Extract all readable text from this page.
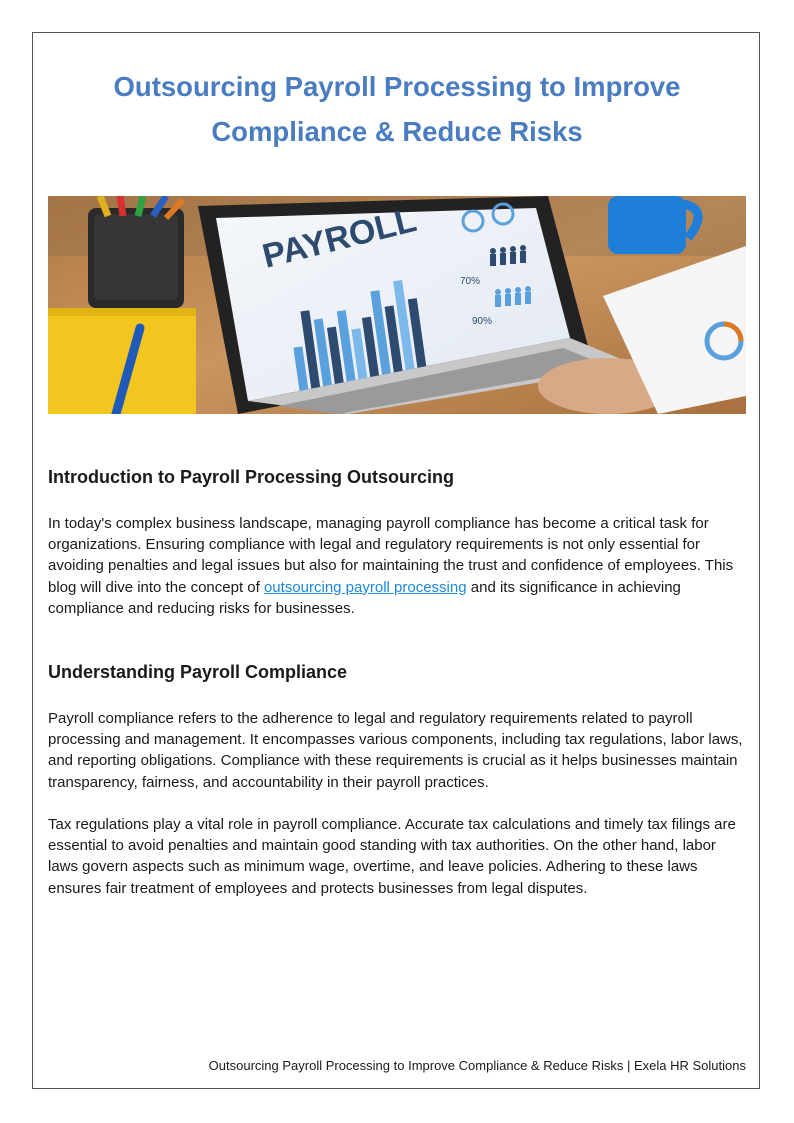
Outsourcing Payroll Processing to Improve
Compliance & Reduce Risks
PAYROLL
70%
90%
Introduction to Payroll Processing Outsourcing

In today's complex business landscape, managing payroll compliance has become a critical task for organizations. Ensuring compliance with legal and regulatory requirements is not only essential for avoiding penalties and legal issues but also for maintaining the trust and confidence of employees. This blog will dive into the concept of outsourcing payroll processing and its significance in achieving compliance and reducing risks for businesses.

Understanding Payroll Compliance

Payroll compliance refers to the adherence to legal and regulatory requirements related to payroll processing and management. It encompasses various components, including tax regulations, labor laws, and reporting obligations. Compliance with these requirements is crucial as it helps businesses maintain transparency, fairness, and accountability in their payroll practices.

Tax regulations play a vital role in payroll compliance. Accurate tax calculations and timely tax filings are essential to avoid penalties and maintain good standing with tax authorities. On the other hand, labor laws govern aspects such as minimum wage, overtime, and leave policies. Adhering to these laws ensures fair treatment of employees and protects businesses from legal disputes.

Outsourcing Payroll Processing to Improve Compliance & Reduce Risks | Exela HR Solutions
